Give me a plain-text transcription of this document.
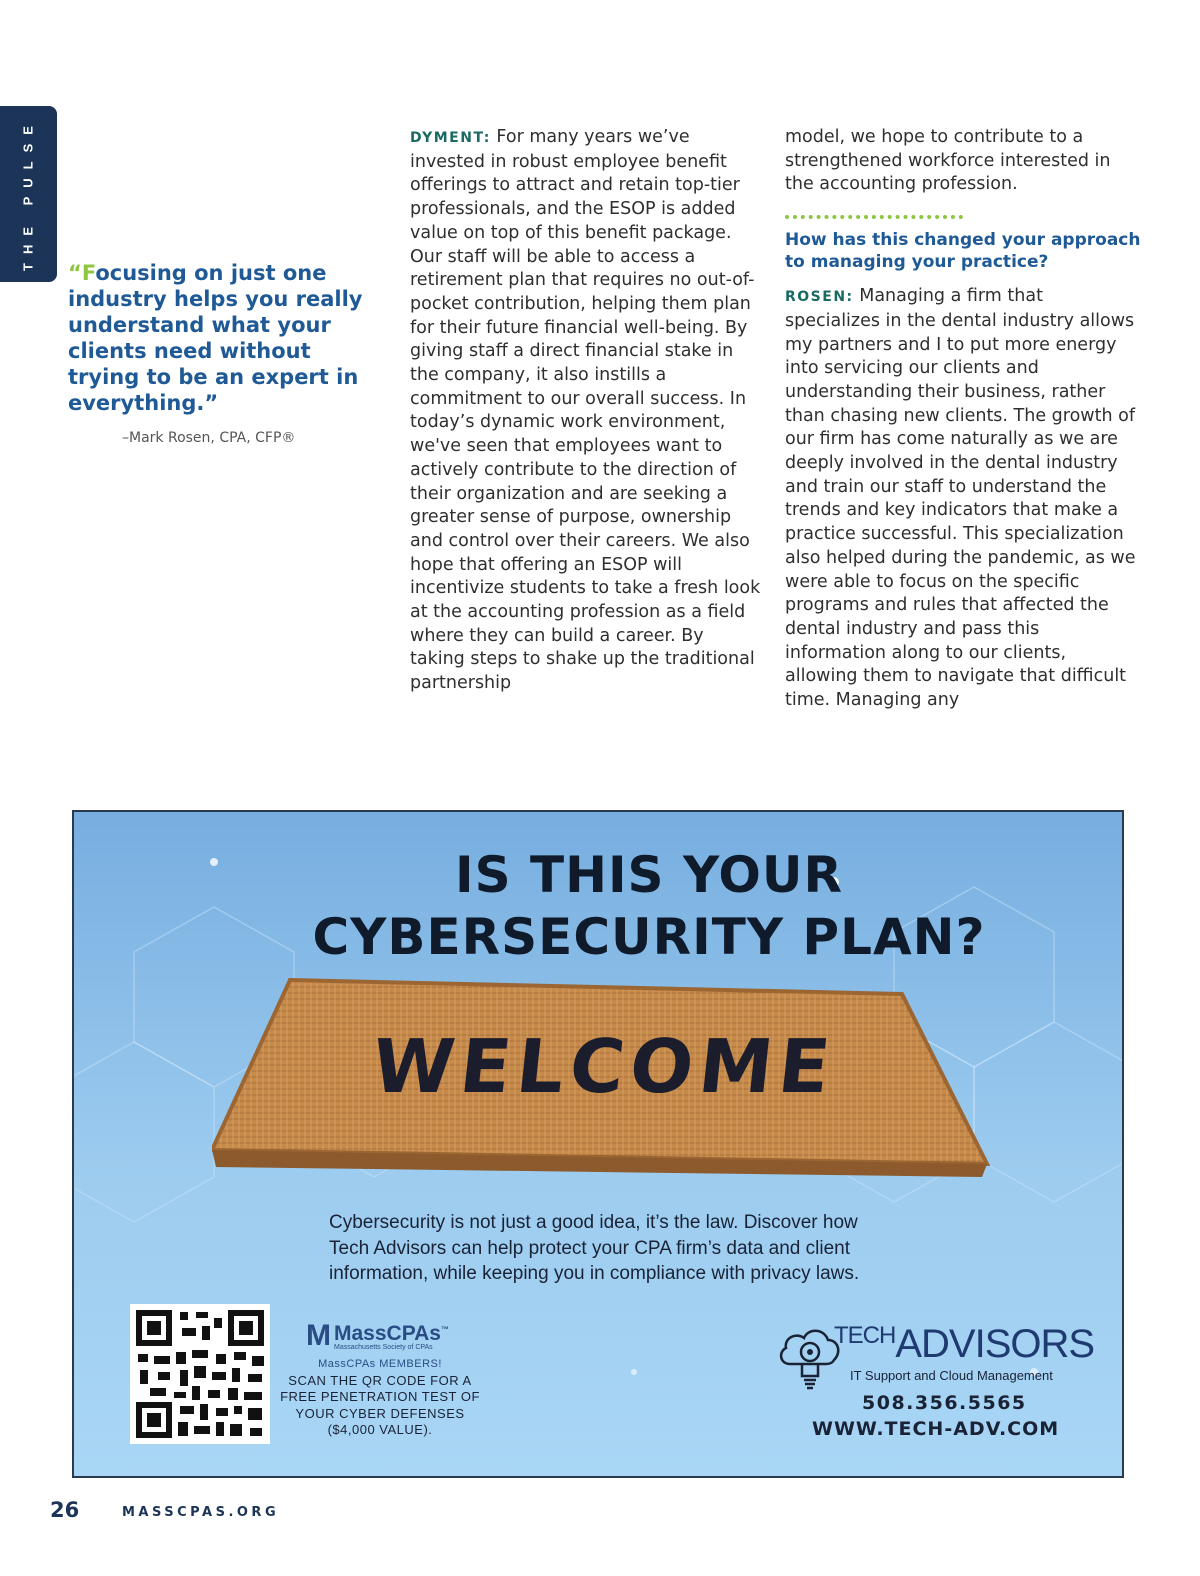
THE PULSE
“Focusing on just one industry helps you really understand what your clients need without trying to be an expert in everything.”
–Mark Rosen, CPA, CFP®

DYMENT: For many years we’ve invested in robust employee benefit offerings to attract and retain top-tier professionals, and the ESOP is added value on top of this benefit package. Our staff will be able to access a retirement plan that requires no out-of-pocket contribution, helping them plan for their future financial well-being. By giving staff a direct financial stake in the company, it also instills a commitment to our overall success. In today’s dynamic work environment, we've seen that employees want to actively contribute to the direction of their organization and are seeking a greater sense of purpose, ownership and control over their careers. We also hope that offering an ESOP will incentivize students to take a fresh look at the accounting profession as a field where they can build a career. By taking steps to shake up the traditional partnership

model, we hope to contribute to a strengthened workforce interested in the accounting profession.

How has this changed your approach to managing your practice?

ROSEN: Managing a firm that specializes in the dental industry allows my partners and I to put more energy into servicing our clients and understanding their business, rather than chasing new clients. The growth of our firm has come naturally as we are deeply involved in the dental industry and train our staff to understand the trends and key indicators that make a practice successful. This specialization also helped during the pandemic, as we were able to focus on the specific programs and rules that affected the dental industry and pass this information along to our clients, allowing them to navigate that difficult time. Managing any

IS THIS YOUR
CYBERSECURITY PLAN?
WELCOME
Cybersecurity is not just a good idea, it’s the law. Discover how Tech Advisors can help protect your CPA firm’s data and client information, while keeping you in compliance with privacy laws.
M MassCPAs™
Massachusetts Society of CPAs
MassCPAs MEMBERS!
SCAN THE QR CODE FOR A FREE PENETRATION TEST OF YOUR CYBER DEFENSES ($4,000 VALUE).
TECHADVISORS
IT Support and Cloud Management
508.356.5565
WWW.TECH-ADV.COM
26	MASSCPAS.ORG
